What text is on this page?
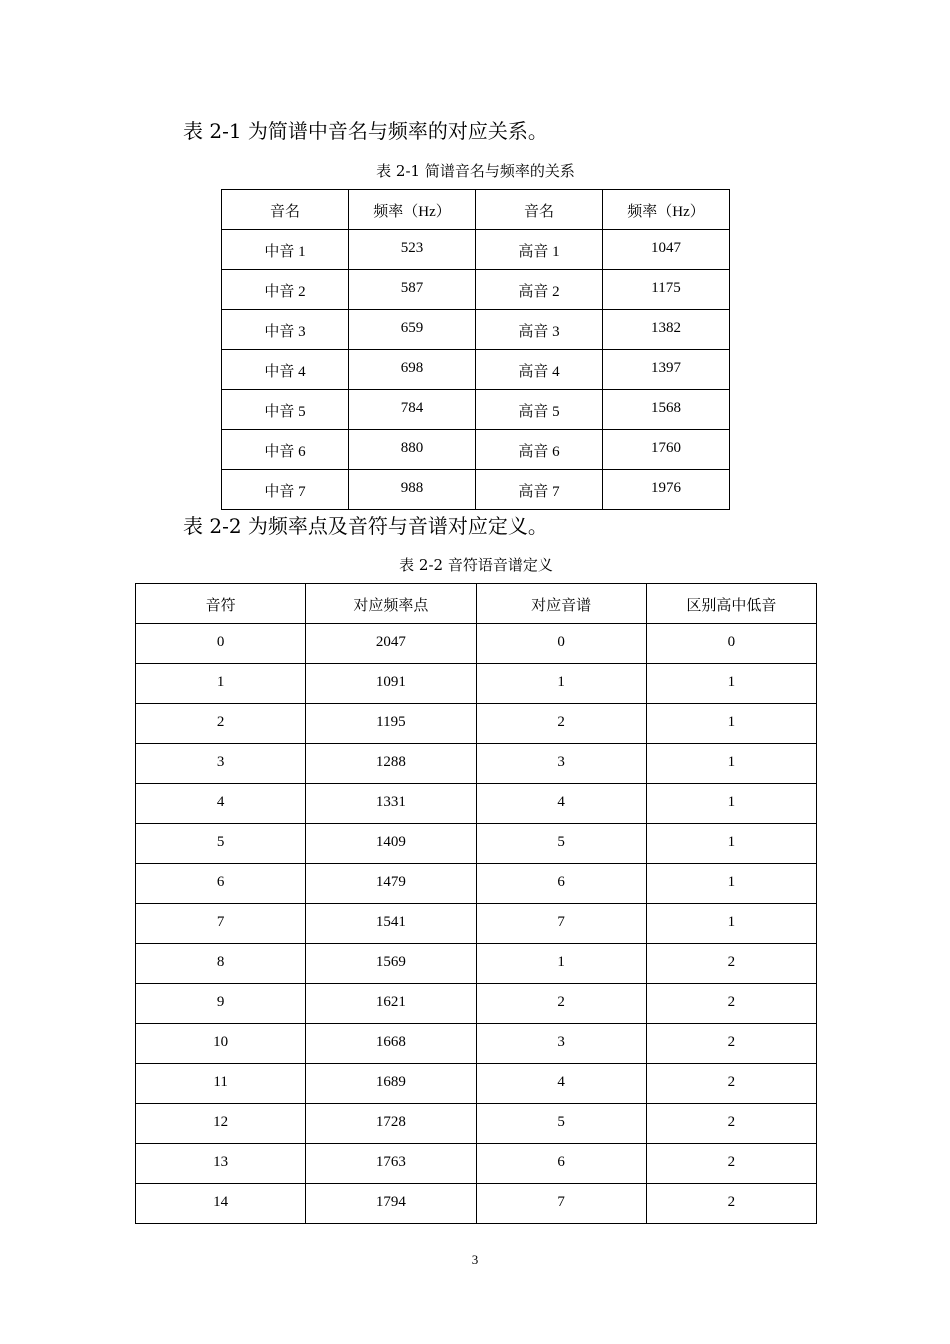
表 2-1 为简谱中音名与频率的对应关系。
表 2-1 简谱音名与频率的关系
音名	频率（Hz）	音名	频率（Hz）
中音 1	523	高音 1	1047
中音 2	587	高音 2	1175
中音 3	659	高音 3	1382
中音 4	698	高音 4	1397
中音 5	784	高音 5	1568
中音 6	880	高音 6	1760
中音 7	988	高音 7	1976
表 2-2 为频率点及音符与音谱对应定义。
表 2-2 音符语音谱定义
音符	对应频率点	对应音谱	区别高中低音
0	2047	0	0
1	1091	1	1
2	1195	2	1
3	1288	3	1
4	1331	4	1
5	1409	5	1
6	1479	6	1
7	1541	7	1
8	1569	1	2
9	1621	2	2
10	1668	3	2
11	1689	4	2
12	1728	5	2
13	1763	6	2
14	1794	7	2
3
